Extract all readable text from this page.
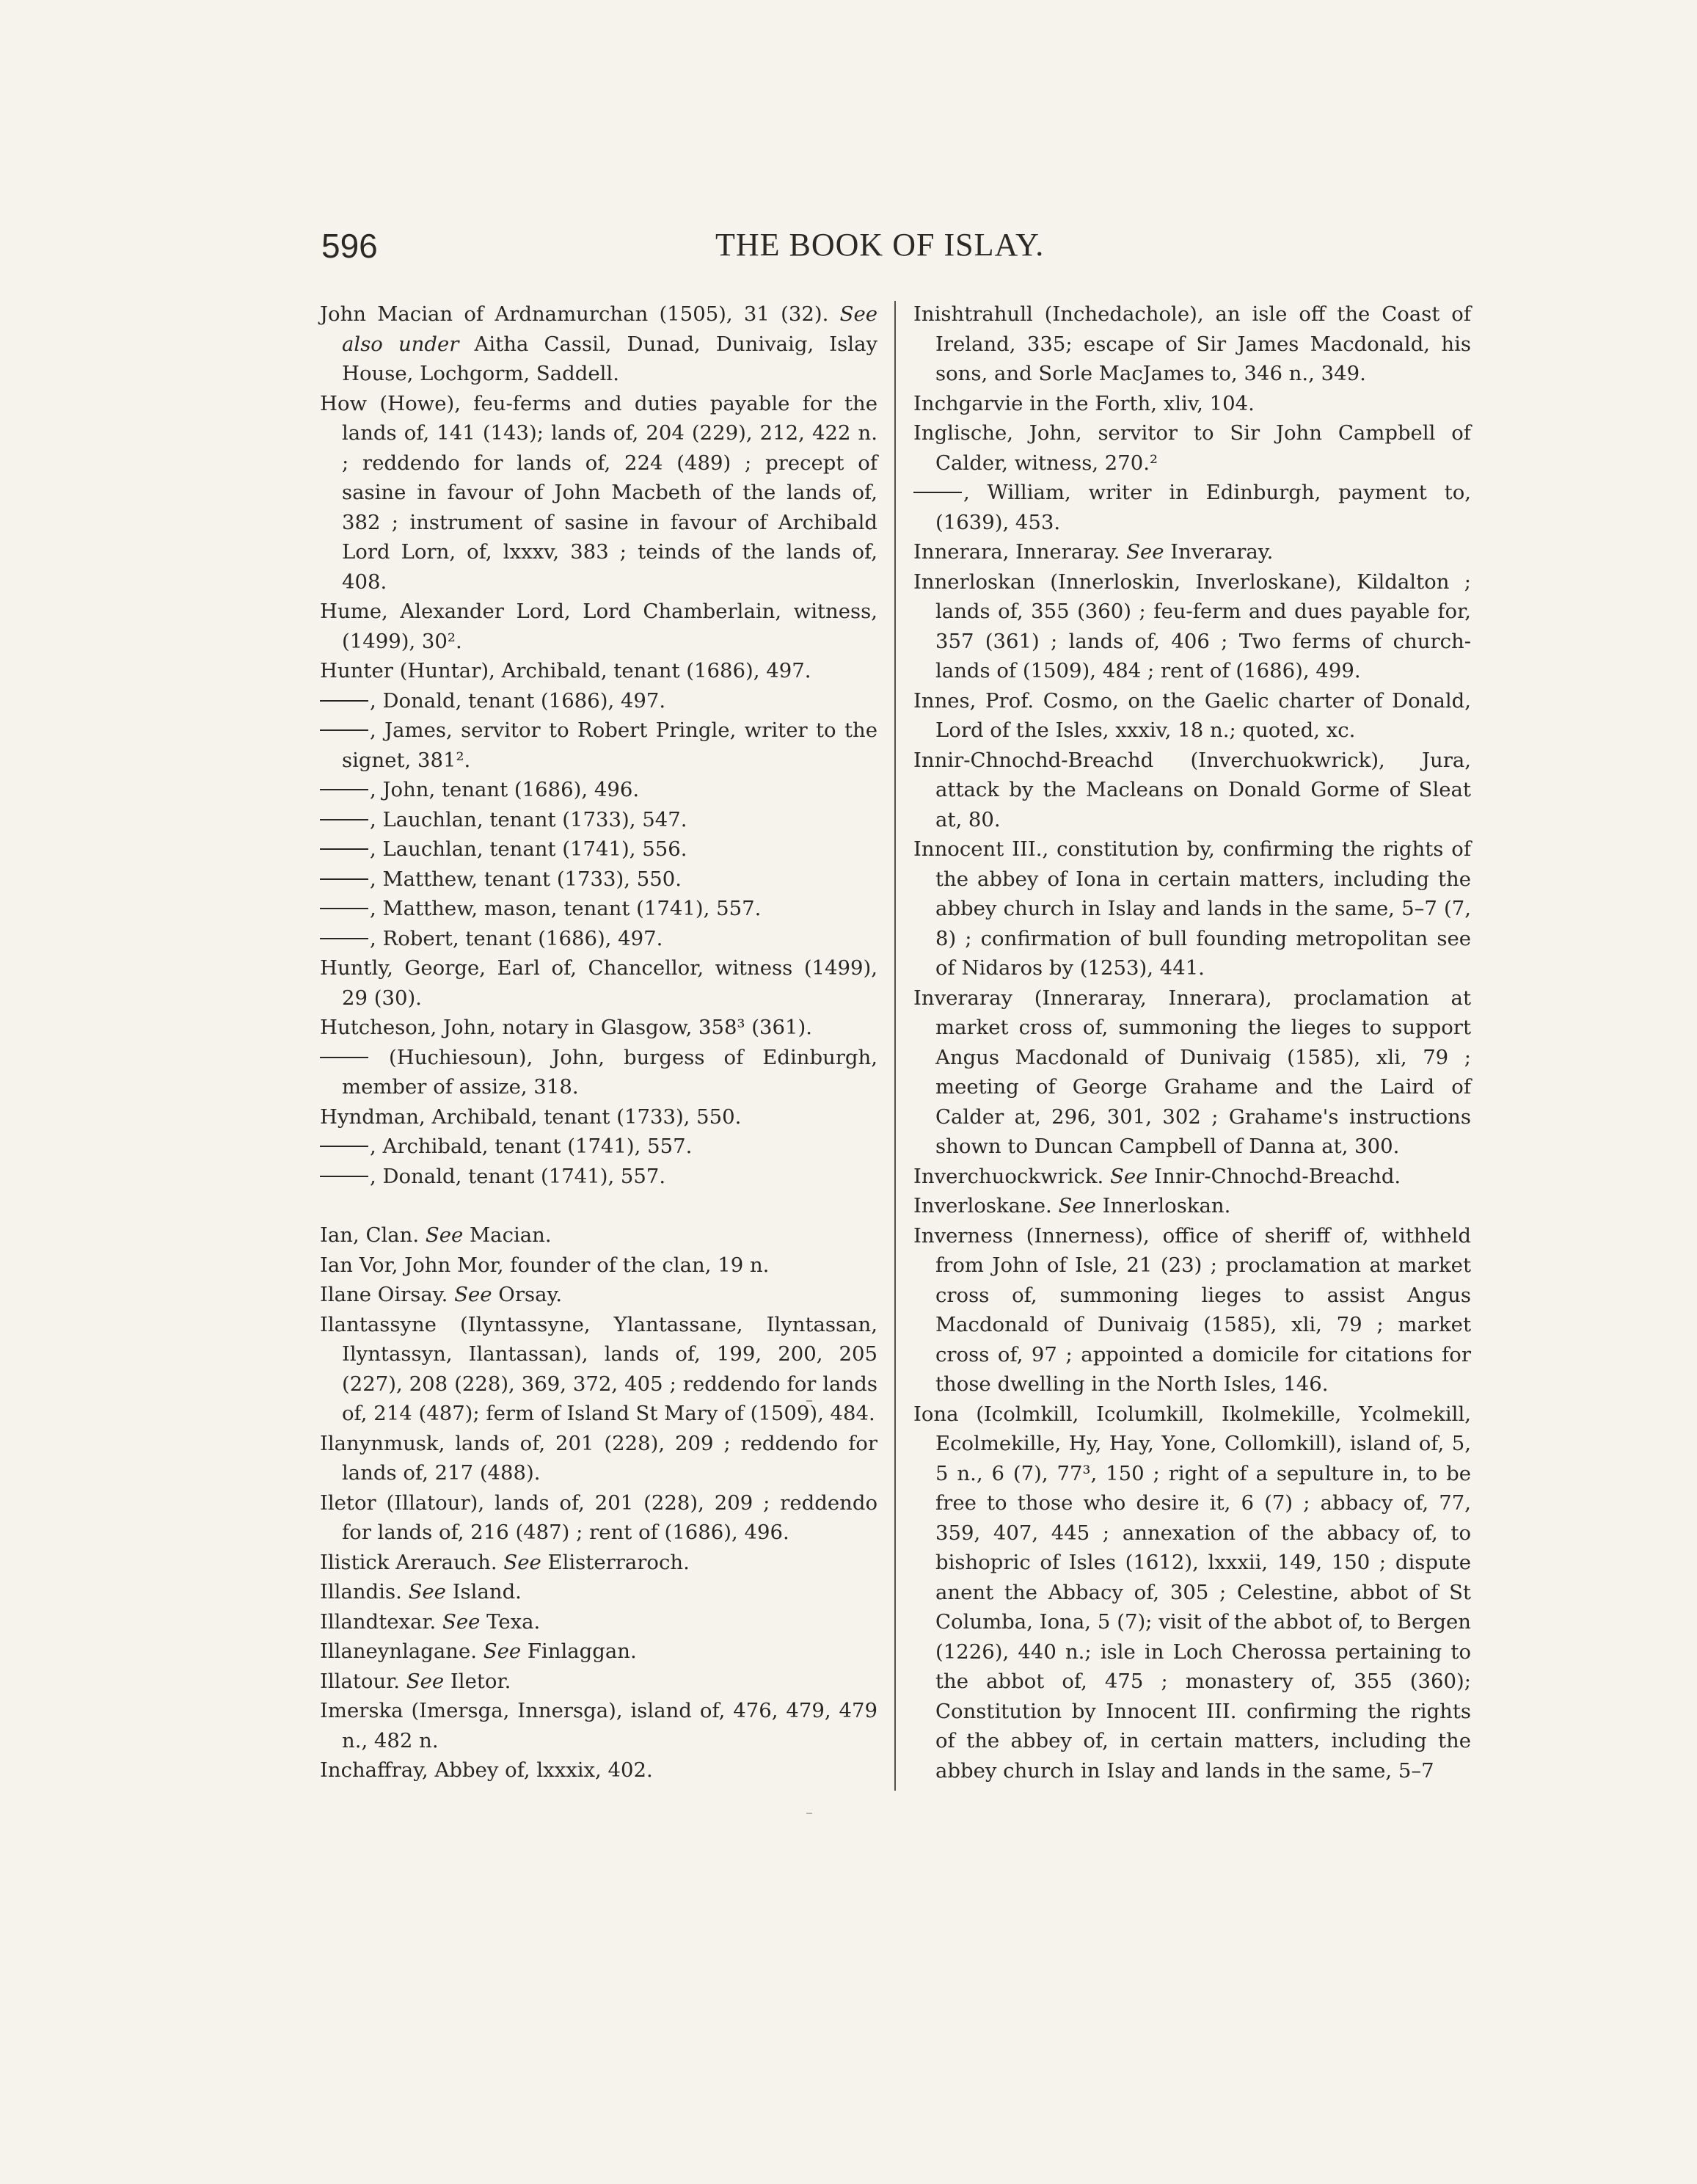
596	THE BOOK OF ISLAY.
John Macian of Ardnamurchan (1505), 31 (32). See also under Aitha Cassil, Dunad, Dunivaig, Islay House, Lochgorm, Saddell.
How (Howe), feu-ferms and duties payable for the lands of, 141 (143); lands of, 204 (229), 212, 422 n. ; reddendo for lands of, 224 (489) ; precept of sasine in favour of John Macbeth of the lands of, 382 ; instrument of sasine in favour of Archibald Lord Lorn, of, lxxxv, 383 ; teinds of the lands of, 408.
Hume, Alexander Lord, Lord Chamberlain, witness, (1499), 30².
Hunter (Huntar), Archibald, tenant (1686), 497.
, Donald, tenant (1686), 497.
, James, servitor to Robert Pringle, writer to the signet, 381².
, John, tenant (1686), 496.
, Lauchlan, tenant (1733), 547.
, Lauchlan, tenant (1741), 556.
, Matthew, tenant (1733), 550.
, Matthew, mason, tenant (1741), 557.
, Robert, tenant (1686), 497.
Huntly, George, Earl of, Chancellor, witness (1499), 29 (30).
Hutcheson, John, notary in Glasgow, 358³ (361).
(Huchiesoun), John, burgess of Edinburgh, member of assize, 318.
Hyndman, Archibald, tenant (1733), 550.
, Archibald, tenant (1741), 557.
, Donald, tenant (1741), 557.
Ian, Clan. See Macian.
Ian Vor, John Mor, founder of the clan, 19 n.
Ilane Oirsay. See Orsay.
Ilantassyne (Ilyntassyne, Ylantassane, Ilyntassan, Ilyntassyn, Ilantassan), lands of, 199, 200, 205 (227), 208 (228), 369, 372, 405 ; reddendo for lands of, 214 (487); ferm of Island St Mary of (1509), 484.
Ilanynmusk, lands of, 201 (228), 209 ; reddendo for lands of, 217 (488).
Iletor (Illatour), lands of, 201 (228), 209 ; reddendo for lands of, 216 (487) ; rent of (1686), 496.
Ilistick Arerauch. See Elisterraroch.
Illandis. See Island.
Illandtexar. See Texa.
Illaneynlagane. See Finlaggan.
Illatour. See Iletor.
Imerska (Imersga, Innersga), island of, 476, 479, 479 n., 482 n.
Inchaffray, Abbey of, lxxxix, 402.
Inishtrahull (Inchedachole), an isle off the Coast of Ireland, 335; escape of Sir James Macdonald, his sons, and Sorle MacJames to, 346 n., 349.
Inchgarvie in the Forth, xliv, 104.
Inglische, John, servitor to Sir John Campbell of Calder, witness, 270.²
, William, writer in Edinburgh, payment to, (1639), 453.
Innerara, Inneraray. See Inveraray.
Innerloskan (Innerloskin, Inverloskane), Kildalton ; lands of, 355 (360) ; feu-ferm and dues payable for, 357 (361) ; lands of, 406 ; Two ferms of church-lands of (1509), 484 ; rent of (1686), 499.
Innes, Prof. Cosmo, on the Gaelic charter of Donald, Lord of the Isles, xxxiv, 18 n.; quoted, xc.
Innir-Chnochd-Breachd (Inverchuokwrick), Jura, attack by the Macleans on Donald Gorme of Sleat at, 80.
Innocent III., constitution by, confirming the rights of the abbey of Iona in certain matters, including the abbey church in Islay and lands in the same, 5–7 (7, 8) ; confirmation of bull founding metropolitan see of Nidaros by (1253), 441.
Inveraray (Inneraray, Innerara), proclamation at market cross of, summoning the lieges to support Angus Macdonald of Dunivaig (1585), xli, 79 ; meeting of George Grahame and the Laird of Calder at, 296, 301, 302 ; Grahame's instructions shown to Duncan Campbell of Danna at, 300.
Inverchuockwrick. See Innir-Chnochd-Breachd.
Inverloskane. See Innerloskan.
Inverness (Innerness), office of sheriff of, withheld from John of Isle, 21 (23) ; proclamation at market cross of, summoning lieges to assist Angus Macdonald of Dunivaig (1585), xli, 79 ; market cross of, 97 ; appointed a domicile for citations for those dwelling in the North Isles, 146.
Iona (Icolmkill, Icolumkill, Ikolmekille, Ycolmekill, Ecolmekille, Hy, Hay, Yone, Collomkill), island of, 5, 5 n., 6 (7), 77³, 150 ; right of a sepulture in, to be free to those who desire it, 6 (7) ; abbacy of, 77, 359, 407, 445 ; annexation of the abbacy of, to bishopric of Isles (1612), lxxxii, 149, 150 ; dispute anent the Abbacy of, 305 ; Celestine, abbot of St Columba, Iona, 5 (7); visit of the abbot of, to Bergen (1226), 440 n.; isle in Loch Cherossa pertaining to the abbot of, 475 ; monastery of, 355 (360); Constitution by Innocent III. confirming the rights of the abbey of, in certain matters, including the abbey church in Islay and lands in the same, 5–7
